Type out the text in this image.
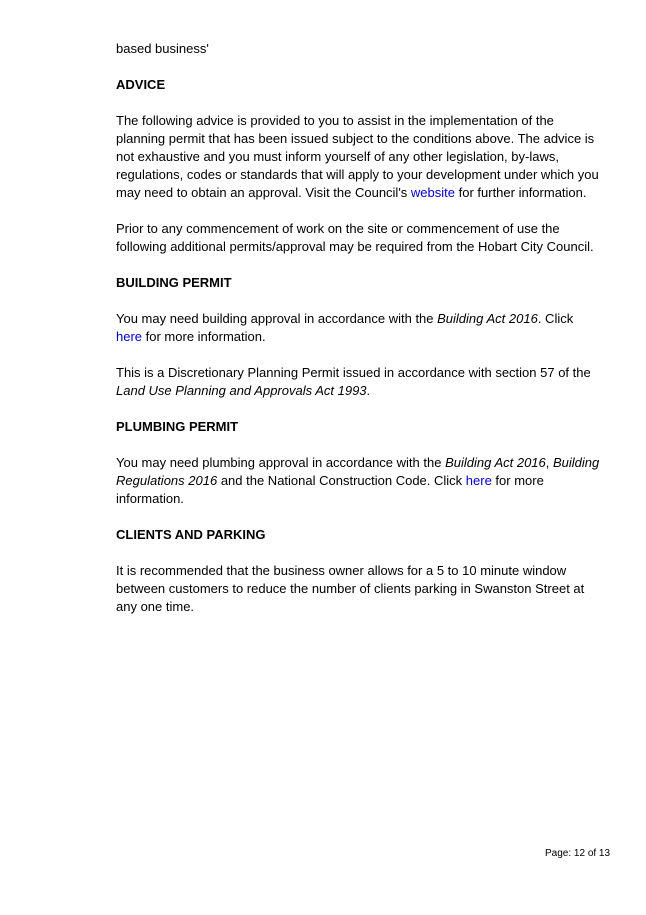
based business'

ADVICE

The following advice is provided to you to assist in the implementation of the planning permit that has been issued subject to the conditions above. The advice is not exhaustive and you must inform yourself of any other legislation, by-laws, regulations, codes or standards that will apply to your development under which you may need to obtain an approval. Visit the Council's website for further information.

Prior to any commencement of work on the site or commencement of use the following additional permits/approval may be required from the Hobart City Council.

BUILDING PERMIT

You may need building approval in accordance with the Building Act 2016. Click
here for more information.

This is a Discretionary Planning Permit issued in accordance with section 57 of the Land Use Planning and Approvals Act 1993.

PLUMBING PERMIT

You may need plumbing approval in accordance with the Building Act 2016, Building Regulations 2016 and the National Construction Code. Click here for more information.

CLIENTS AND PARKING

It is recommended that the business owner allows for a 5 to 10 minute window between customers to reduce the number of clients parking in Swanston Street at any one time.

Page: 12 of 13
